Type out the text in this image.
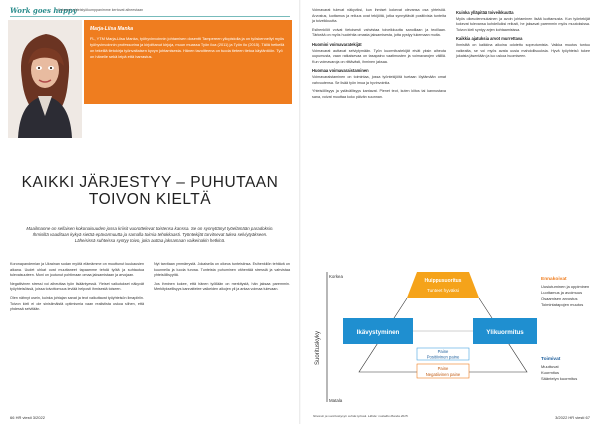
Work goes happy
Kolumni: yhteistyökumppanimme kertovat aiheestaan
Marja-Liisa Manka
FL, YTM Marja-Liisa Manka, työhyvinvoinnin johtamisen dosentti Tampereen yliopistolla ja on työskennellyt myös työhyvinvoinnin professorina ja kirjoittanut kirjoja, muun muassa Työn iloa (2011) ja Työn ilo (2015). Tällä hetkellä on tekeillä tietokirja työnvaltaisen kyvyn johtamisesta. Hänen tavoitteena on tuoda tieteen tietoa käytäntöön. Työ on hänelle sekä leipä että harrastus.
KAIKKI JÄRJESTYY – PUHUTAAN TOIVON KIELTÄ
Maailmanne on sellaisen kokonaisuuden jossa kriisit vuorottelevat toistensa kanssa. Se on synnyttänyt työelämään paradoksin. Ihmisiltä vaaditaan kykyä sietää epävarmuutta ja samalla toimia tehokkaasti. Työntekijät tarvitsevat tukea selviytyäkseen. Läheisissä suhteissa syntyy toivo, joka auttaa jaksamaan vaikeinakin hetkinä.

Koronapandemian ja Ukrainan sodan myötä elämämme on muuttunut kuukausien aikana. Uudet uhkat ovat muuttaneet tapaamme tehdä työtä ja suhtautua tulevaisuuteen. Moni on joutunut pohtimaan omaa jaksamistaan ja arvojaan.

Negatiivinen stressi voi aiheuttaa työn lisääntyessä. Yleiset vaikutukset näkyvät työyhteisöissä, joissa toivottomuus leviää helposti ihmisestä toiseen.

Olen nähnyt usein, kuinka johtajan sanat ja teot vaikuttavat työyhteisön ilmapiiriin. Toivon kieli ei ole sinisilmäistä optimismia vaan realistista uskoa siihen, että yhdessä selvitään.

Nyt tarvitaan ymmärrystä. Jokaisella on oikeus tunteisiinsa. Esihenkilön tehtävä on kuunnella ja luoda turvaa. Tunteista puhuminen vähentää stressiä ja vahvistaa yhteisöllisyyttä.

Jos ihminen kokee, että hänen työllään on merkitystä, hän jaksaa paremmin. Merkityksellisyys kannattelee vaikeiden aikojen yli ja antaa voimaa tulevaan.

66 HR viesti 3/2022

Voimavarat tulevat näkyviksi, kun ihmiset kokevat olevansa osa yhteisöä. Arvostus, luottamus ja reiluus ovat tekijöitä, jotka synnyttävät positiivisia tunteita ja toiveikkuutta.

Esihenkilöt voivat tietoisesti vahvistaa toiveikkuutta sanoillaan ja teoillaan. Tärkeää on myös huolehtia omasta jaksamisesta, jotta pystyy tukemaan muita.

Huomioi voimavaratekijät

Voimavarat auttavat selviytymään. Työn kuormitustekijät eivät yksin aiheuta uupumusta, vaan ratkaisevaa on tasapaino vaatimusten ja voimavarojen välillä. Kun voimavaroja on riittävästi, ihminen jaksaa.

Huomaa voimavaraistaminen

Voimavaraistaminen on toimintaa, jossa työntekijöitä tuetaan löytämään omat vahvuutensa. Se lisää työn imua ja hyvinvointia.

Yhteisöllisyys ja ystävällisyys kantavat. Pienet teot, kuten kiitos tai kannustava sana, voivat muuttaa koko päivän suunnan.

Kuinka ylläpitää toiveikkuutta

Myös oikeudenmukainen ja avoin johtaminen lisää luottamusta. Kun työntekijät kokevat tulevansa kohdelluiksi reilusti, he jaksavat paremmin myös muutoksissa. Toivon kieli syntyy arjen kohtaamisissa.

Kaikkia ajatuksia arvot murrettava

Ihmisiltä on kaikkina aikoina odotettu sopeutumista. Vaikka muutos tuntuu vaikealta, se voi myös avata uusia mahdollisuuksia. Hyvä työyhteisö tukee jokaista jäsentään ja luo uskoa huomiseen.

3/2022 HR viesti 67
Suorituskyky
Korkea
Matala
Huippusuoritus
Tunteet hyväksi
Ikävystyminen	Ylikuormitus
Paine
Positiivinen paine
Paine
Negatiivinen paine
Ennakoivat
Uusiutuminen ja oppiminen
Luottamus ja avoimuus
Osaamisen arvostus
Toimintatapojen muutos
Toimivat
Muuttuvat
Kuormitus
Sääntelyn kuormitus
Stressin ja suorituskyvyn suhde työssä. Lähde: mukailtu Manka 2015.
